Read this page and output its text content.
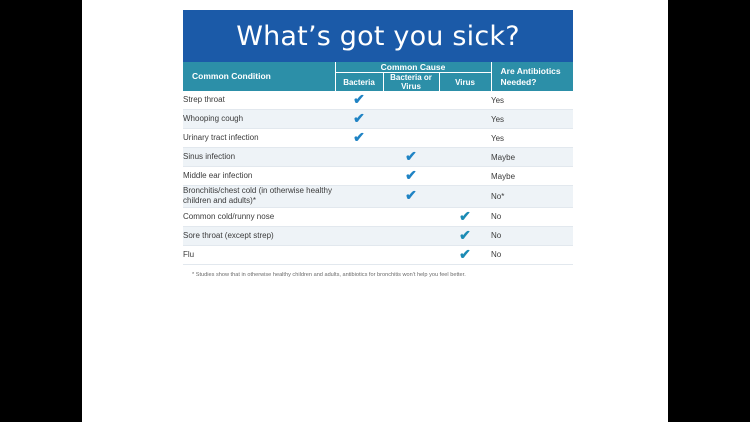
What’s got you sick?
Common Condition	Common Cause			Are Antibiotics Needed?
	Bacteria	Bacteria or Virus	Virus	
Strep throat	✔			Yes
Whooping cough	✔			Yes
Urinary tract infection	✔			Yes
Sinus infection		✔		Maybe
Middle ear infection		✔		Maybe
Bronchitis/chest cold (in otherwise healthy children and adults)*		✔		No*
Common cold/runny nose			✔	No
Sore throat (except strep)			✔	No
Flu			✔	No
* Studies show that in otherwise healthy children and adults, antibiotics for bronchitis won't help you feel better.
